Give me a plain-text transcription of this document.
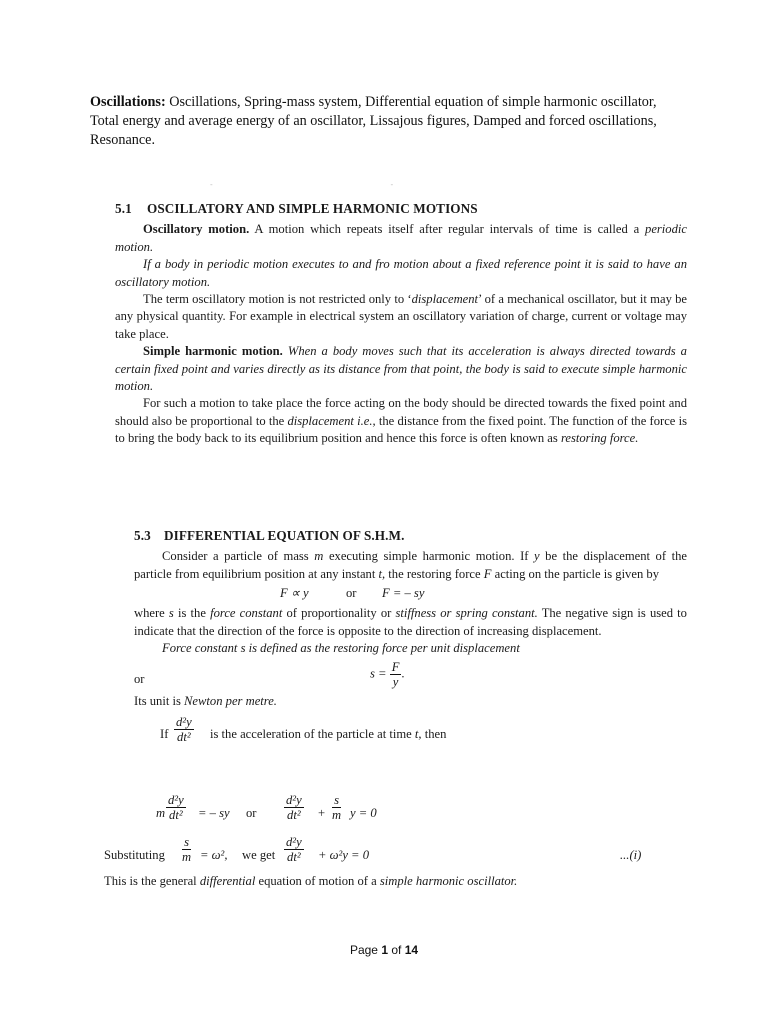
Oscillations: Oscillations, Spring-mass system, Differential equation of simple harmonic oscillator, Total energy and average energy of an oscillator, Lissajous figures, Damped and forced oscillations, Resonance.
-                                                                                -
5.1 OSCILLATORY AND SIMPLE HARMONIC MOTIONS

Oscillatory motion. A motion which repeats itself after regular intervals of time is called a periodic motion.

If a body in periodic motion executes to and fro motion about a fixed reference point it is said to have an oscillatory motion.

The term oscillatory motion is not restricted only to ‘displacement’ of a mechanical oscillator, but it may be any physical quantity. For example in electrical system an oscillatory variation of charge, current or voltage may take place.

Simple harmonic motion. When a body moves such that its acceleration is always directed towards a certain fixed point and varies directly as its distance from that point, the body is said to execute simple harmonic motion.

For such a motion to take place the force acting on the body should be directed towards the fixed point and should also be proportional to the displacement i.e., the distance from the fixed point. The function of the force is to bring the body back to its equilibrium position and hence this force is often known as restoring force.

5.3 DIFFERENTIAL EQUATION OF S.H.M.

Consider a particle of mass m executing simple harmonic motion. If y be the displacement of the particle from equilibrium position at any instant t, the restoring force F acting on the particle is given by

F ∝ y	or F = – sy

where s is the force constant of proportionality or stiffness or spring constant. The negative sign is used to indicate that the direction of the force is opposite to the direction of increasing displacement.

Force constant s is defined as the restoring force per unit displacement

or	$s = \frac{F}{y}$ .

Its unit is Newton per metre.

If $\frac{\text{d²y}}{\text{dt²}}$ is the acceleration of the particle at time t, then
m $\frac{\text{d²y}}{\text{dt²}}$ = – sy or $\frac{\text{d²y}}{\text{dt²}} + \frac{s}{m}$ y = 0
Substituting $\frac{s}{m} = \omega^2$, we get $\frac{\text{d²y}}{\text{dt²}} + \omega^2y = 0$	...(i)

This is the general differential equation of motion of a simple harmonic oscillator.

Page 1 of 14
